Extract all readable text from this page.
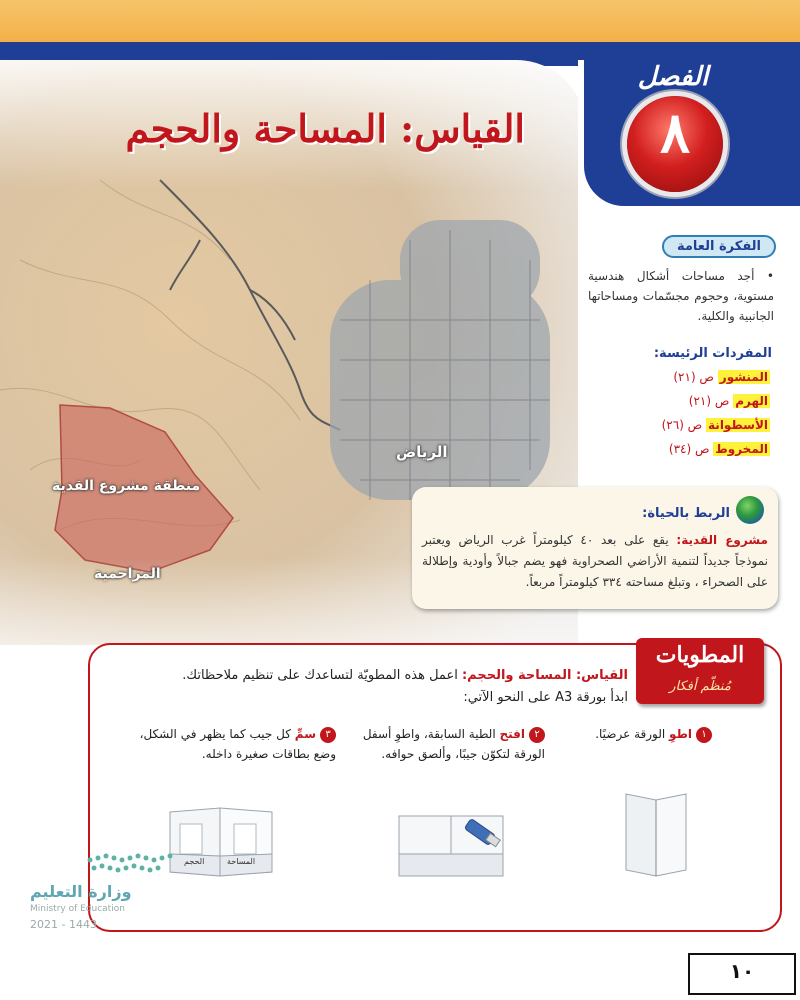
الرياض
منطقة مشروع القدية
المزاحمية
الفصل
٨
القياس: المساحة والحجم
الفكرة العامة
• أجد مساحات أشكال هندسية مستوية، وحجوم مجسّمات ومساحاتها الجانبية والكلية.
المفردات الرئيسة:
المنشور ص (٢١)
الهرم ص (٢١)
الأسطوانة ص (٢٦)
المخروط ص (٣٤)
الربط بالحياة:
مشروع القدية: يقع على بعد ٤٠ كيلومتراً غرب الرياض ويعتبر نموذجاً جديداً لتنمية الأراضي الصحراوية فهو يضم جبالاً وأودية وإطلالة على الصحراء ، وتبلغ مساحته ٣٣٤ كيلومتراً مربعاً.
المطويات
مُنظّم أفكار
القياس: المساحة والحجم: اعمل هذه المطويّة لتساعدك على تنظيم ملاحظاتك.
ابدأ بورقة A3 على النحو الآتي:
١اطوِ الورقة عرضيًا.
٢افتح الطية السابقة، واطوِ أسفل الورقة لتكوّن جيبًا، وألصق حوافه.
٣سمِّ كل جيب كما يظهر في الشكل، وضع بطاقات صغيرة داخله.
المساحة
الحجم
وزارة التعليم
Ministry of Education
2021 - 1443
١٠
